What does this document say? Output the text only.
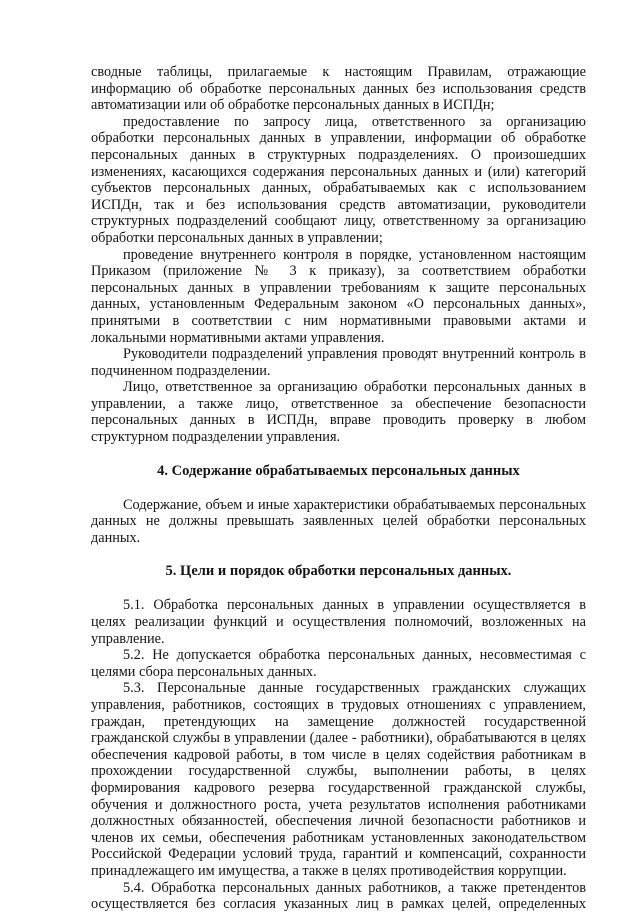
сводные таблицы, прилагаемые к настоящим Правилам, отражающие информацию об обработке персональных данных без использования средств автоматизации или об обработке персональных данных в ИСПДн;

предоставление по запросу лица, ответственного за организацию обработки персональных данных в управлении, информации об обработке персональных данных в структурных подразделениях. О произошедших изменениях, касающихся содержания персональных данных и (или) категорий субъектов персональных данных, обрабатываемых как с использованием ИСПДн, так и без использования средств автоматизации, руководители структурных подразделений сообщают лицу, ответственному за организацию обработки персональных данных в управлении;

проведение внутреннего контроля в порядке, установленном настоящим Приказом (приложение № 3 к приказу), за соответствием обработки персональных данных в управлении требованиям к защите персональных данных, установленным Федеральным законом «О персональных данных», принятыми в соответствии с ним нормативными правовыми актами и локальными нормативными актами управления.

Руководители подразделений управления проводят внутренний контроль в подчиненном подразделении.

Лицо, ответственное за организацию обработки персональных данных в управлении, а также лицо, ответственное за обеспечение безопасности персональных данных в ИСПДн, вправе проводить проверку в любом структурном подразделении управления.

4. Содержание обрабатываемых персональных данных

Содержание, объем и иные характеристики обрабатываемых персональных данных не должны превышать заявленных целей обработки персональных данных.

5. Цели и порядок обработки персональных данных.

5.1. Обработка персональных данных в управлении осуществляется в целях реализации функций и осуществления полномочий, возложенных на управление.

5.2. Не допускается обработка персональных данных, несовместимая с целями сбора персональных данных.

5.3. Персональные данные государственных гражданских служащих управления, работников, состоящих в трудовых отношениях с управлением, граждан, претендующих на замещение должностей государственной гражданской службы в управлении (далее - работники), обрабатываются в целях обеспечения кадровой работы, в том числе в целях содействия работникам в прохождении государственной службы, выполнении работы, в целях формирования кадрового резерва государственной гражданской службы, обучения и должностного роста, учета результатов исполнения работниками должностных обязанностей, обеспечения личной безопасности работников и членов их семьи, обеспечения работникам установленных законодательством Российской Федерации условий труда, гарантий и компенсаций, сохранности принадлежащего им имущества, а также в целях противодействия коррупции.

5.4. Обработка персональных данных работников, а также претендентов осуществляется без согласия указанных лиц в рамках целей, определенных
